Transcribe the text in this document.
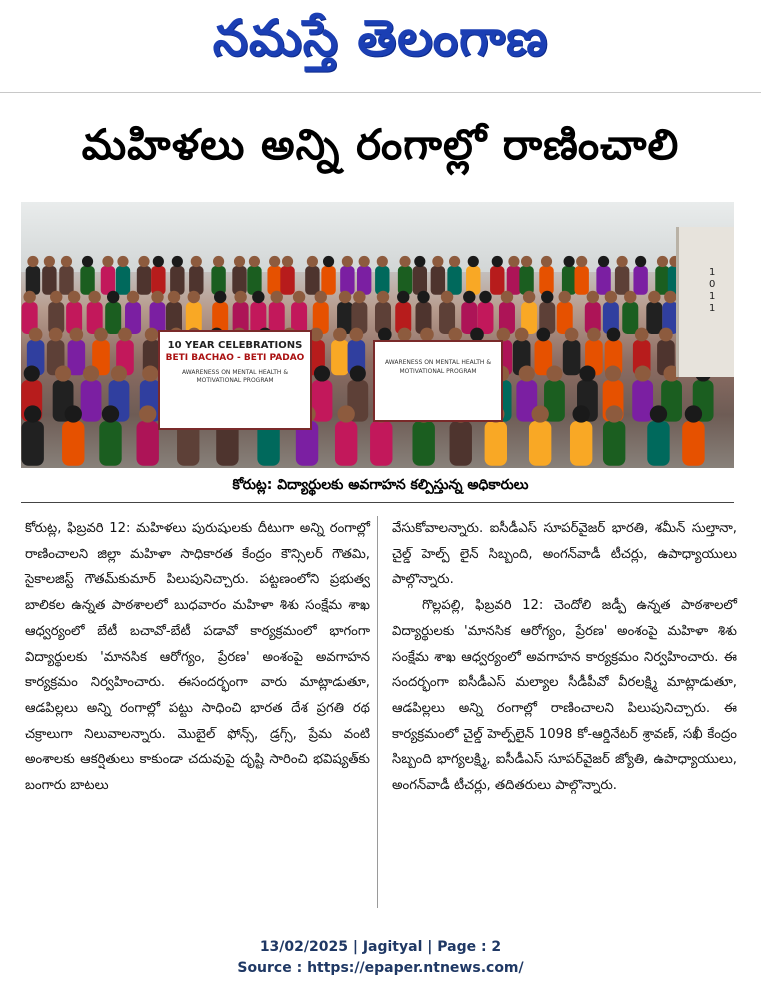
నమస్తే తెలంగాణ
మహిళలు అన్ని రంగాల్లో రాణించాలి
1 0 1 1
10 YEAR CELEBRATIONS
BETI BACHAO - BETI PADAO
AWARENESS ON MENTAL HEALTH & MOTIVATIONAL PROGRAM
AWARENESS ON MENTAL HEALTH & MOTIVATIONAL PROGRAM
కోరుట్ల: విద్యార్థులకు అవగాహన కల్పిస్తున్న అధికారులు

కోరుట్ల, ఫిబ్రవరి 12: మహిళలు పురుషులకు దీటుగా అన్ని రంగాల్లో రాణించాలని జిల్లా మహిళా సాధికారత కేంద్రం కౌన్సిలర్ గౌతమి, సైకాలజిస్ట్ గౌతమ్‌కుమార్ పిలుపునిచ్చారు. పట్టణంలోని ప్రభుత్వ బాలికల ఉన్నత పాఠశాలలో బుధవారం మహిళా శిశు సంక్షేమ శాఖ ఆధ్వర్యంలో బేటీ బచావో-బేటీ పడావో కార్యక్రమంలో భాగంగా విద్యార్థులకు 'మానసిక ఆరోగ్యం, ప్రేరణ' అంశంపై అవగాహన కార్యక్రమం నిర్వహించారు. ఈసందర్భంగా వారు మాట్లాడుతూ, ఆడపిల్లలు అన్ని రంగాల్లో పట్టు సాధించి భారత దేశ ప్రగతి రథ చక్రాలుగా నిలువాలన్నారు. మొబైల్ ఫోన్స్, డ్రగ్స్, ప్రేమ వంటి అంశాలకు ఆకర్షితులు కాకుండా చదువుపై దృష్టి సారించి భవిష్యత్‌కు బంగారు బాటలు

వేసుకోవాలన్నారు. ఐసీడీఎస్ సూపర్‌వైజర్ భారతి, శమీన్ సుల్తానా, చైల్డ్ హెల్ప్ లైన్ సిబ్బంది, అంగన్‌వాడీ టీచర్లు, ఉపాధ్యాయులు పాల్గొన్నారు.

గొల్లపల్లి, ఫిబ్రవరి 12: చెందోలి జడ్పీ ఉన్నత పాఠశాలలో విద్యార్థులకు 'మానసిక ఆరోగ్యం, ప్రేరణ' అంశంపై మహిళా శిశు సంక్షేమ శాఖ ఆధ్వర్యంలో అవగాహన కార్యక్రమం నిర్వహించారు. ఈ సందర్భంగా ఐసీడీఎస్ మల్యాల సీడీపీవో వీరలక్ష్మి మాట్లాడుతూ, ఆడపిల్లలు అన్ని రంగాల్లో రాణించాలని పిలుపునిచ్చారు. ఈ కార్యక్రమంలో చైల్డ్ హెల్ప్‌లైన్ 1098 కో-ఆర్డినేటర్ శ్రావణ్, సఖీ కేంద్రం సిబ్బంది భాగ్యలక్ష్మి, ఐసీడీఎస్ సూపర్‌వైజర్ జ్యోతి, ఉపాధ్యాయులు, అంగన్‌వాడీ టీచర్లు, తదితరులు పాల్గొన్నారు.

13/02/2025 | Jagityal | Page : 2
Source : https://epaper.ntnews.com/
